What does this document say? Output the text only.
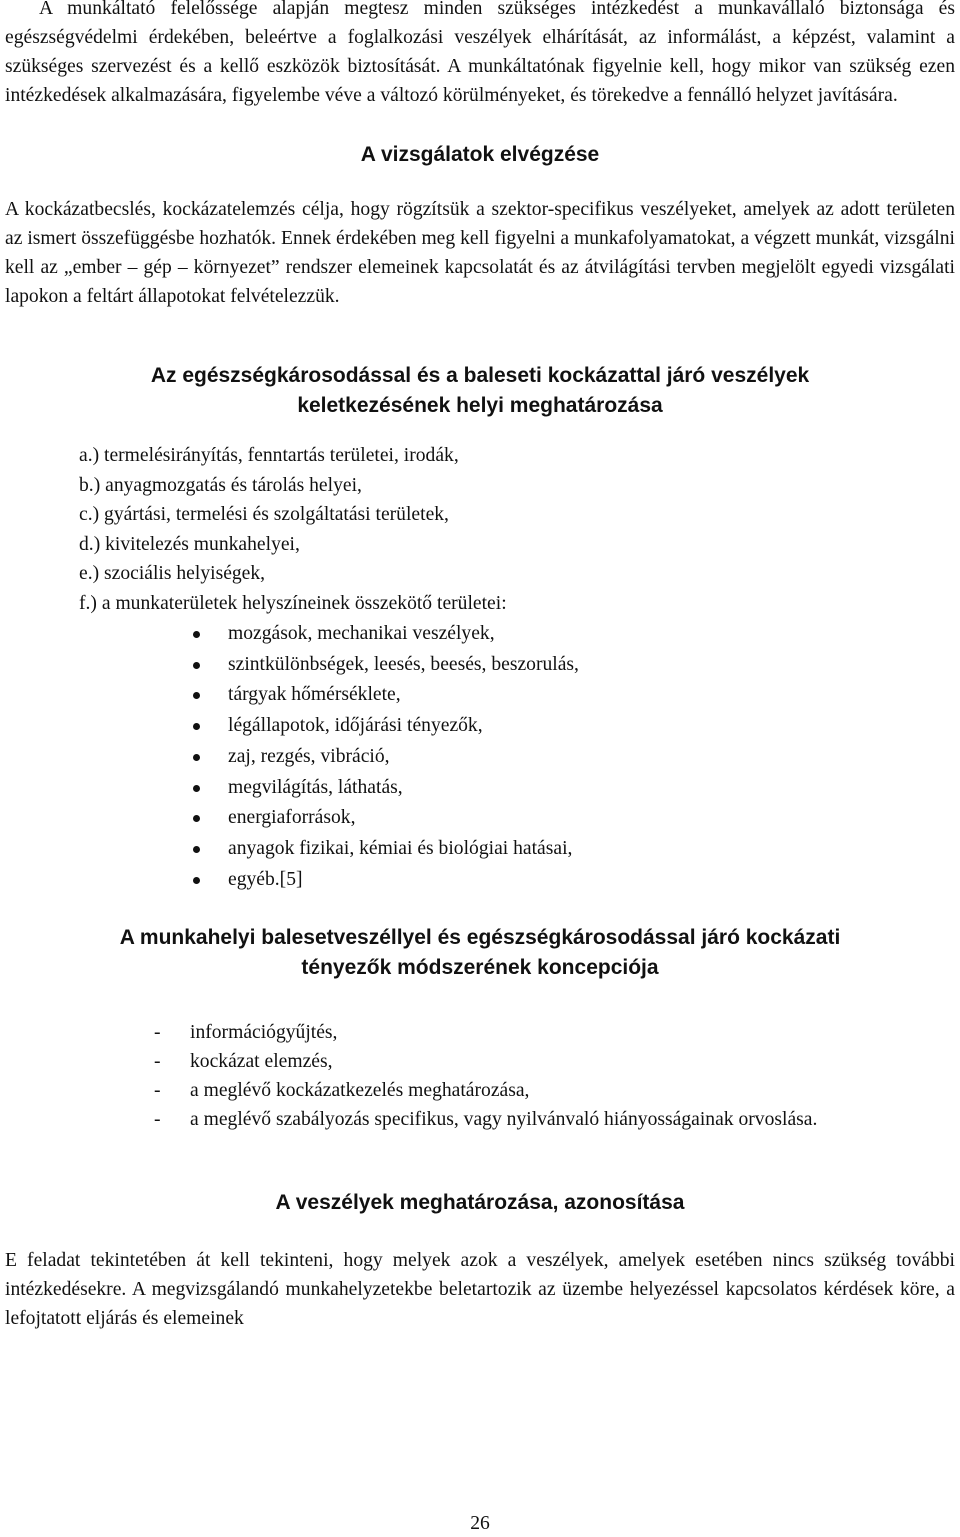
A munkáltató felelőssége alapján megtesz minden szükséges intézkedést a munkavállaló biztonsága és egészségvédelmi érdekében, beleértve a foglalkozási veszélyek elhárítását, az informálást, a képzést, valamint a szükséges szervezést és a kellő eszközök biztosítását. A munkáltatónak figyelnie kell, hogy mikor van szükség ezen intézkedések alkalmazására, figyelembe véve a változó körülményeket, és törekedve a fennálló helyzet javítására.

A vizsgálatok elvégzése

A kockázatbecslés, kockázatelemzés célja, hogy rögzítsük a szektor-specifikus veszélyeket, amelyek az adott területen az ismert összefüggésbe hozhatók. Ennek érdekében meg kell figyelni a munkafolyamatokat, a végzett munkát, vizsgálni kell az „ember – gép – környezet” rendszer elemeinek kapcsolatát és az átvilágítási tervben megjelölt egyedi vizsgálati lapokon a feltárt állapotokat felvételezzük.

Az egészségkárosodással és a baleseti kockázattal járó veszélyek
keletkezésének helyi meghatározása
a.) termelésirányítás, fenntartás területei, irodák,
b.) anyagmozgatás és tárolás helyei,
c.) gyártási, termelési és szolgáltatási területek,
d.) kivitelezés munkahelyei,
e.) szociális helyiségek,
f.) a munkaterületek helyszíneinek összekötő területei:
mozgások, mechanikai veszélyek,
szintkülönbségek, leesés, beesés, beszorulás,
tárgyak hőmérséklete,
légállapotok, időjárási tényezők,
zaj, rezgés, vibráció,
megvilágítás, láthatás,
energiaforrások,
anyagok fizikai, kémiai és biológiai hatásai,
egyéb.[5]
A munkahelyi balesetveszéllyel és egészségkárosodással járó kockázati
tényezők módszerének koncepciója
- információgyűjtés,
- kockázat elemzés,
- a meglévő kockázatkezelés meghatározása,
- a meglévő szabályozás specifikus, vagy nyilvánvaló hiányosságainak orvoslása.
A veszélyek meghatározása, azonosítása

E feladat tekintetében át kell tekinteni, hogy melyek azok a veszélyek, amelyek esetében nincs szükség további intézkedésekre. A megvizsgálandó munkahelyzetekbe beletartozik az üzembe helyezéssel kapcsolatos kérdések köre, a lefojtatott eljárás és elemeinek

26
